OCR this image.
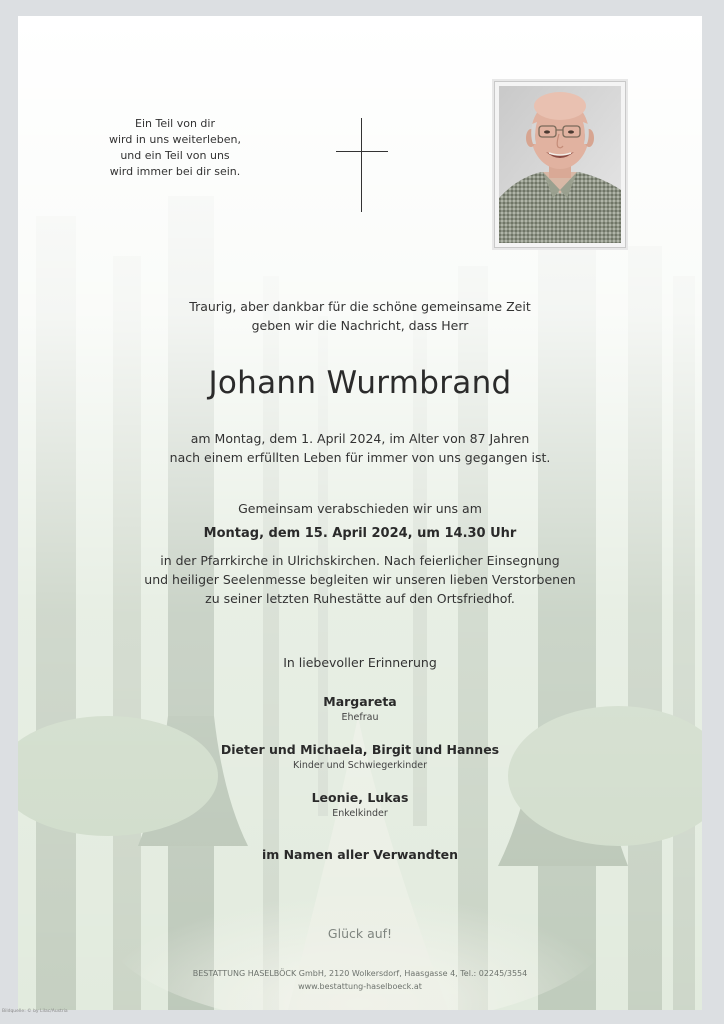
Ein Teil von dir
wird in uns weiterleben,
und ein Teil von uns
wird immer bei dir sein.
Traurig, aber dankbar für die schöne gemeinsame Zeit
geben wir die Nachricht, dass Herr
Johann Wurmbrand
am Montag, dem 1. April 2024, im Alter von 87 Jahren
nach einem erfüllten Leben für immer von uns gegangen ist.
Gemeinsam verabschieden wir uns am
Montag, dem 15. April 2024, um 14.30 Uhr
in der Pfarrkirche in Ulrichskirchen. Nach feierlicher Einsegnung
und heiliger Seelenmesse begleiten wir unseren lieben Verstorbenen
zu seiner letzten Ruhestätte auf den Ortsfriedhof.
In liebevoller Erinnerung
Margareta
Ehefrau
Dieter und Michaela, Birgit und Hannes
Kinder und Schwiegerkinder
Leonie, Lukas
Enkelkinder
im Namen aller Verwandten
Glück auf!
BESTATTUNG HASELBÖCK GmbH, 2120 Wolkersdorf, Haasgasse 4, Tel.: 02245/3554
www.bestattung-haselboeck.at
Bildquelle: © by Lilac/Austria
